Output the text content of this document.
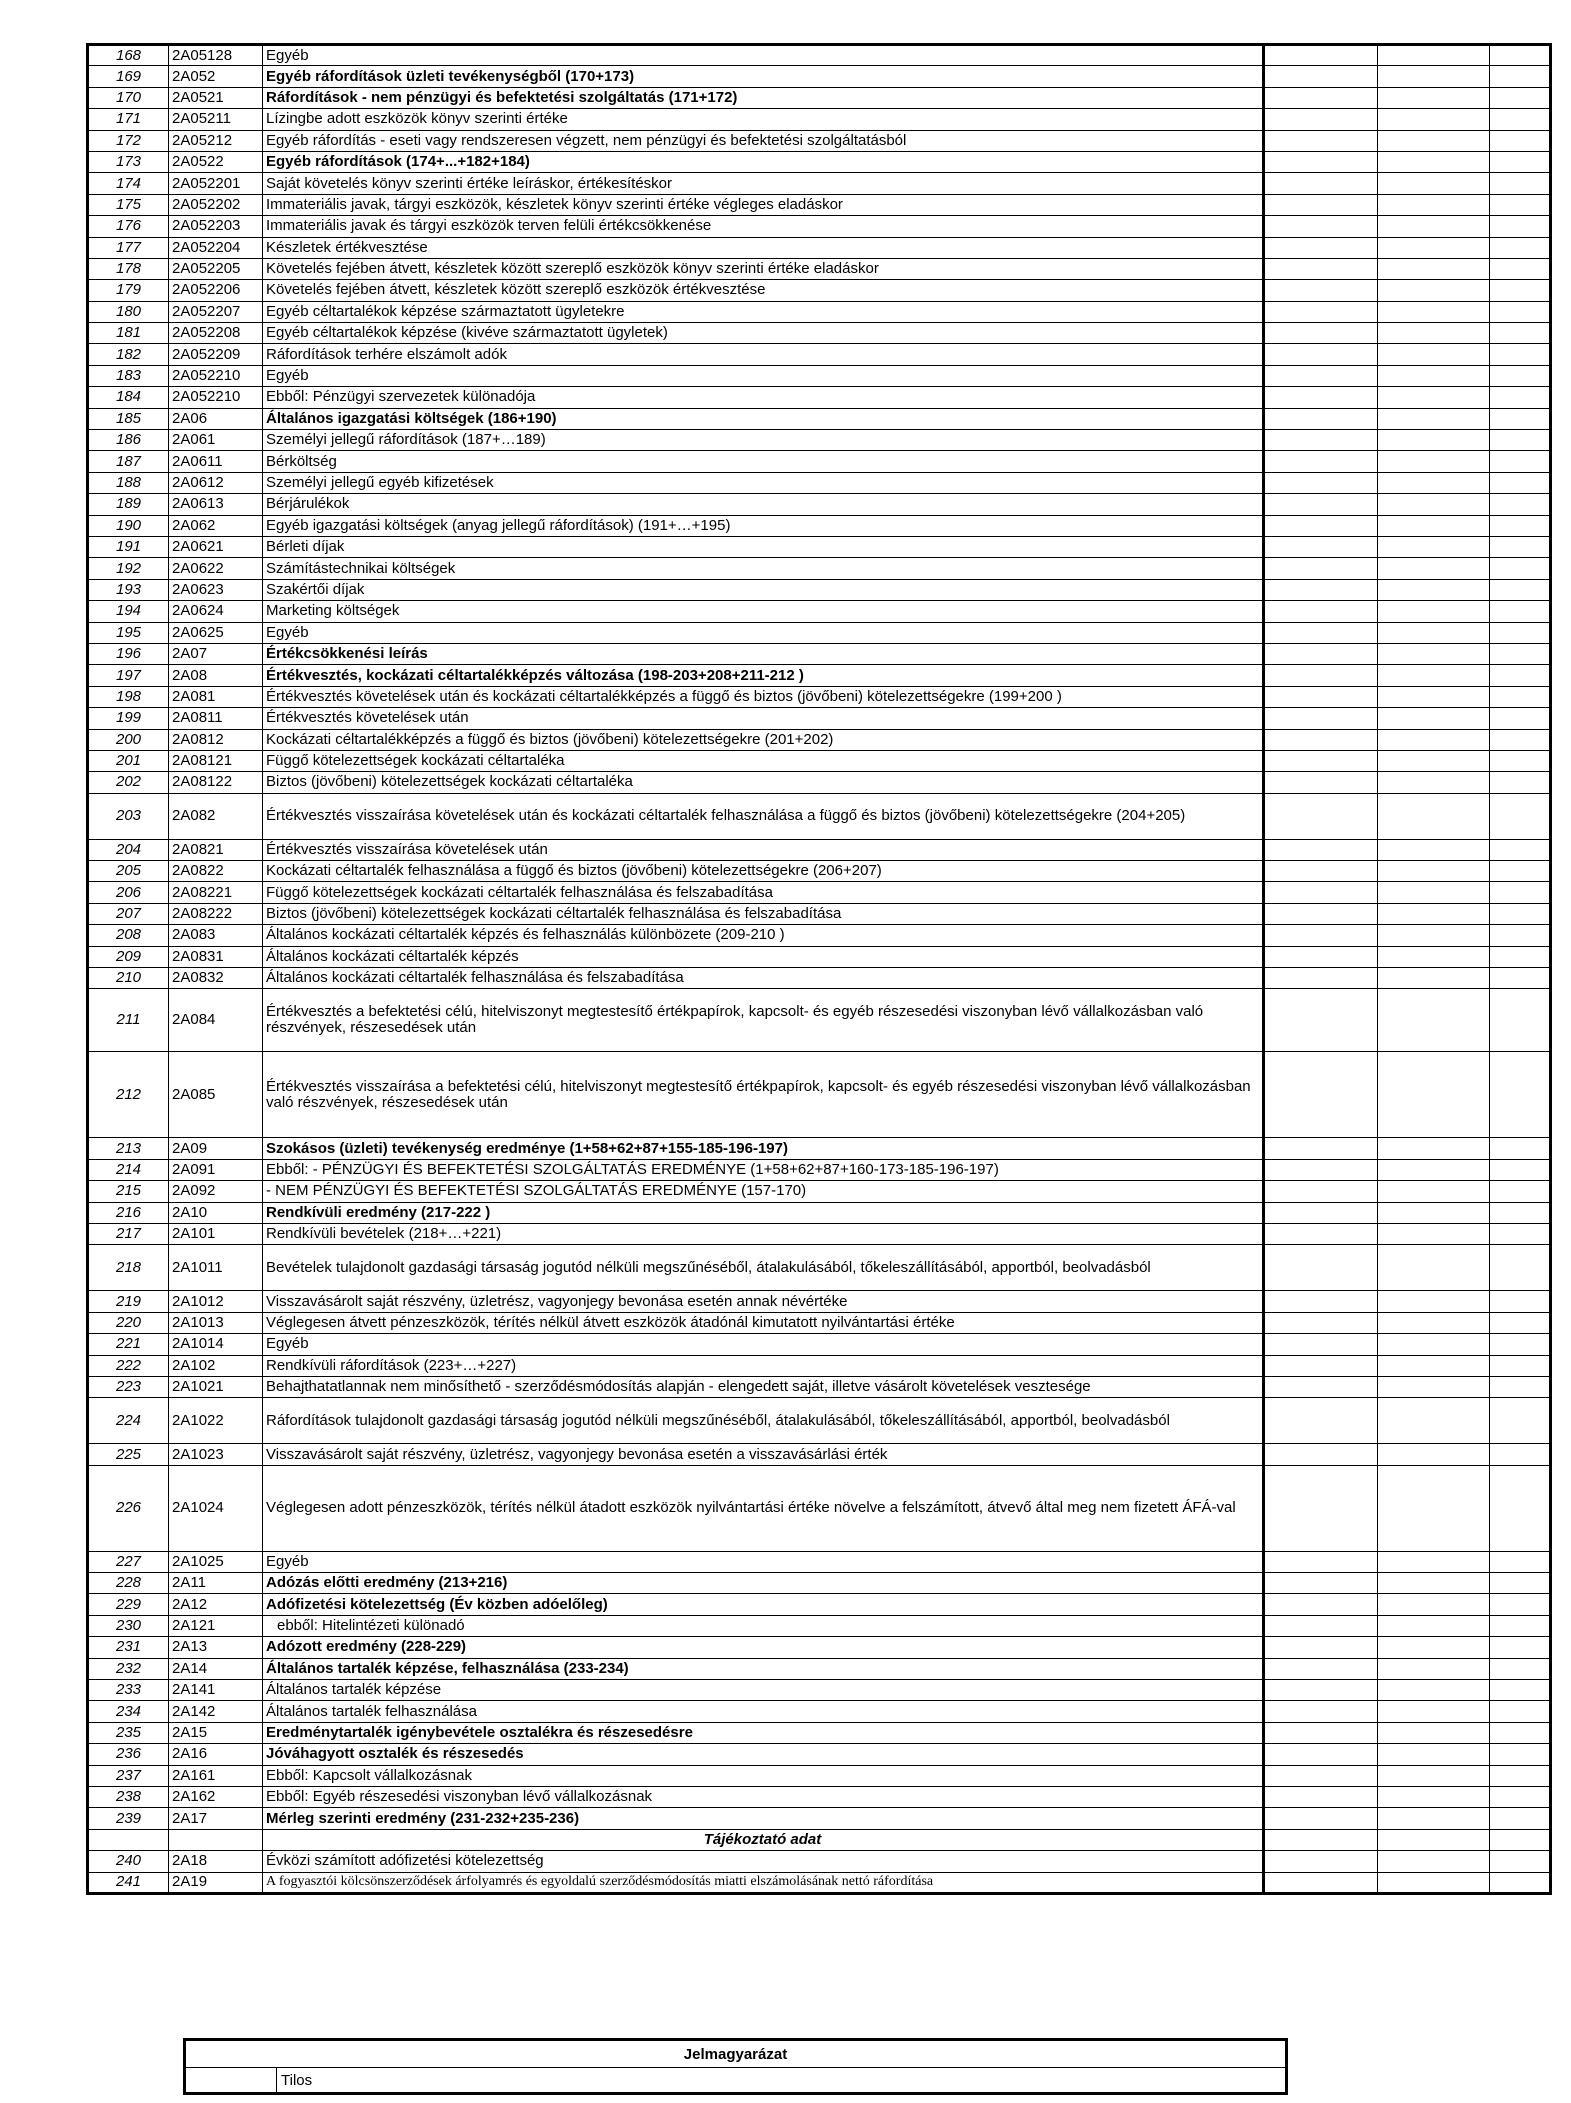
168	2A05128	Egyéb			
169	2A052	Egyéb ráfordítások üzleti tevékenységből (170+173)			
170	2A0521	Ráfordítások - nem pénzügyi és befektetési szolgáltatás (171+172)			
171	2A05211	Lízingbe adott eszközök könyv szerinti értéke			
172	2A05212	Egyéb ráfordítás - eseti vagy rendszeresen végzett, nem pénzügyi és befektetési szolgáltatásból			
173	2A0522	Egyéb ráfordítások (174+...+182+184)			
174	2A052201	Saját követelés könyv szerinti értéke leíráskor, értékesítéskor			
175	2A052202	Immateriális javak, tárgyi eszközök, készletek könyv szerinti értéke végleges eladáskor			
176	2A052203	Immateriális javak és tárgyi eszközök terven felüli értékcsökkenése			
177	2A052204	Készletek értékvesztése			
178	2A052205	Követelés fejében átvett, készletek között szereplő eszközök könyv szerinti értéke eladáskor			
179	2A052206	Követelés fejében átvett, készletek között szereplő eszközök értékvesztése			
180	2A052207	Egyéb céltartalékok képzése származtatott ügyletekre			
181	2A052208	Egyéb céltartalékok képzése (kivéve származtatott ügyletek)			
182	2A052209	Ráfordítások terhére elszámolt adók			
183	2A052210	Egyéb			
184	2A052210	Ebből: Pénzügyi szervezetek különadója			
185	2A06	Általános igazgatási költségek (186+190)			
186	2A061	Személyi jellegű ráfordítások (187+…189)			
187	2A0611	Bérköltség			
188	2A0612	Személyi jellegű egyéb kifizetések			
189	2A0613	Bérjárulékok			
190	2A062	Egyéb igazgatási költségek (anyag jellegű ráfordítások) (191+…+195)			
191	2A0621	Bérleti díjak			
192	2A0622	Számítástechnikai költségek			
193	2A0623	Szakértői díjak			
194	2A0624	Marketing költségek			
195	2A0625	Egyéb			
196	2A07	Értékcsökkenési leírás			
197	2A08	Értékvesztés, kockázati céltartalékképzés változása (198-203+208+211-212 )			
198	2A081	Értékvesztés követelések után és kockázati céltartalékképzés a függő és biztos (jövőbeni) kötelezettségekre (199+200 )			
199	2A0811	Értékvesztés követelések után			
200	2A0812	Kockázati céltartalékképzés a függő és biztos (jövőbeni) kötelezettségekre (201+202)			
201	2A08121	Függő kötelezettségek kockázati céltartaléka			
202	2A08122	Biztos (jövőbeni) kötelezettségek kockázati céltartaléka			
203	2A082	Értékvesztés visszaírása követelések után és kockázati céltartalék felhasználása a függő és biztos (jövőbeni) kötelezettségekre (204+205)			
204	2A0821	Értékvesztés visszaírása követelések után			
205	2A0822	Kockázati céltartalék felhasználása a függő és biztos (jövőbeni) kötelezettségekre (206+207)			
206	2A08221	Függő kötelezettségek kockázati céltartalék felhasználása és felszabadítása			
207	2A08222	Biztos (jövőbeni) kötelezettségek kockázati céltartalék felhasználása és felszabadítása			
208	2A083	Általános kockázati céltartalék képzés és felhasználás különbözete (209-210 )			
209	2A0831	Általános kockázati céltartalék képzés			
210	2A0832	Általános kockázati céltartalék felhasználása és felszabadítása			
211	2A084	Értékvesztés a befektetési célú, hitelviszonyt megtestesítő értékpapírok, kapcsolt- és egyéb részesedési viszonyban lévő vállalkozásban való részvények, részesedések után			
212	2A085	Értékvesztés visszaírása a befektetési célú, hitelviszonyt megtestesítő értékpapírok, kapcsolt- és egyéb részesedési viszonyban lévő vállalkozásban való részvények, részesedések után			
213	2A09	Szokásos (üzleti) tevékenység eredménye (1+58+62+87+155-185-196-197)			
214	2A091	Ebből: - PÉNZÜGYI ÉS BEFEKTETÉSI SZOLGÁLTATÁS EREDMÉNYE (1+58+62+87+160-173-185-196-197)			
215	2A092	- NEM PÉNZÜGYI ÉS BEFEKTETÉSI SZOLGÁLTATÁS EREDMÉNYE (157-170)			
216	2A10	Rendkívüli eredmény (217-222 )			
217	2A101	Rendkívüli bevételek (218+…+221)			
218	2A1011	Bevételek tulajdonolt gazdasági társaság jogutód nélküli megszűnéséből, átalakulásából, tőkeleszállításából, apportból, beolvadásból			
219	2A1012	Visszavásárolt saját részvény, üzletrész, vagyonjegy bevonása esetén annak névértéke			
220	2A1013	Véglegesen átvett pénzeszközök, térítés nélkül átvett eszközök átadónál kimutatott nyilvántartási értéke			
221	2A1014	Egyéb			
222	2A102	Rendkívüli ráfordítások (223+…+227)			
223	2A1021	Behajthatatlannak nem minősíthető - szerződésmódosítás alapján - elengedett saját, illetve vásárolt követelések vesztesége			
224	2A1022	Ráfordítások tulajdonolt gazdasági társaság jogutód nélküli megszűnéséből, átalakulásából, tőkeleszállításából, apportból, beolvadásból			
225	2A1023	Visszavásárolt saját részvény, üzletrész, vagyonjegy bevonása esetén a visszavásárlási érték			
226	2A1024	Véglegesen adott pénzeszközök, térítés nélkül átadott eszközök nyilvántartási értéke növelve a felszámított, átvevő által meg nem fizetett ÁFÁ-val			
227	2A1025	Egyéb			
228	2A11	Adózás előtti eredmény (213+216)			
229	2A12	Adófizetési kötelezettség (Év közben adóelőleg)			
230	2A121	ebből: Hitelintézeti különadó			
231	2A13	Adózott eredmény (228-229)			
232	2A14	Általános tartalék képzése, felhasználása (233-234)			
233	2A141	Általános tartalék képzése			
234	2A142	Általános tartalék felhasználása			
235	2A15	Eredménytartalék igénybevétele osztalékra és részesedésre			
236	2A16	Jóváhagyott osztalék és részesedés			
237	2A161	Ebből: Kapcsolt vállalkozásnak			
238	2A162	Ebből: Egyéb részesedési viszonyban lévő vállalkozásnak			
239	2A17	Mérleg szerinti eredmény (231-232+235-236)			
		Tájékoztató adat			
240	2A18	Évközi számított adófizetési kötelezettség			
241	2A19	A fogyasztói kölcsönszerződések árfolyamrés és egyoldalú szerződésmódosítás miatti elszámolásának nettó ráfordítása			
Jelmagyarázat
	Tilos
